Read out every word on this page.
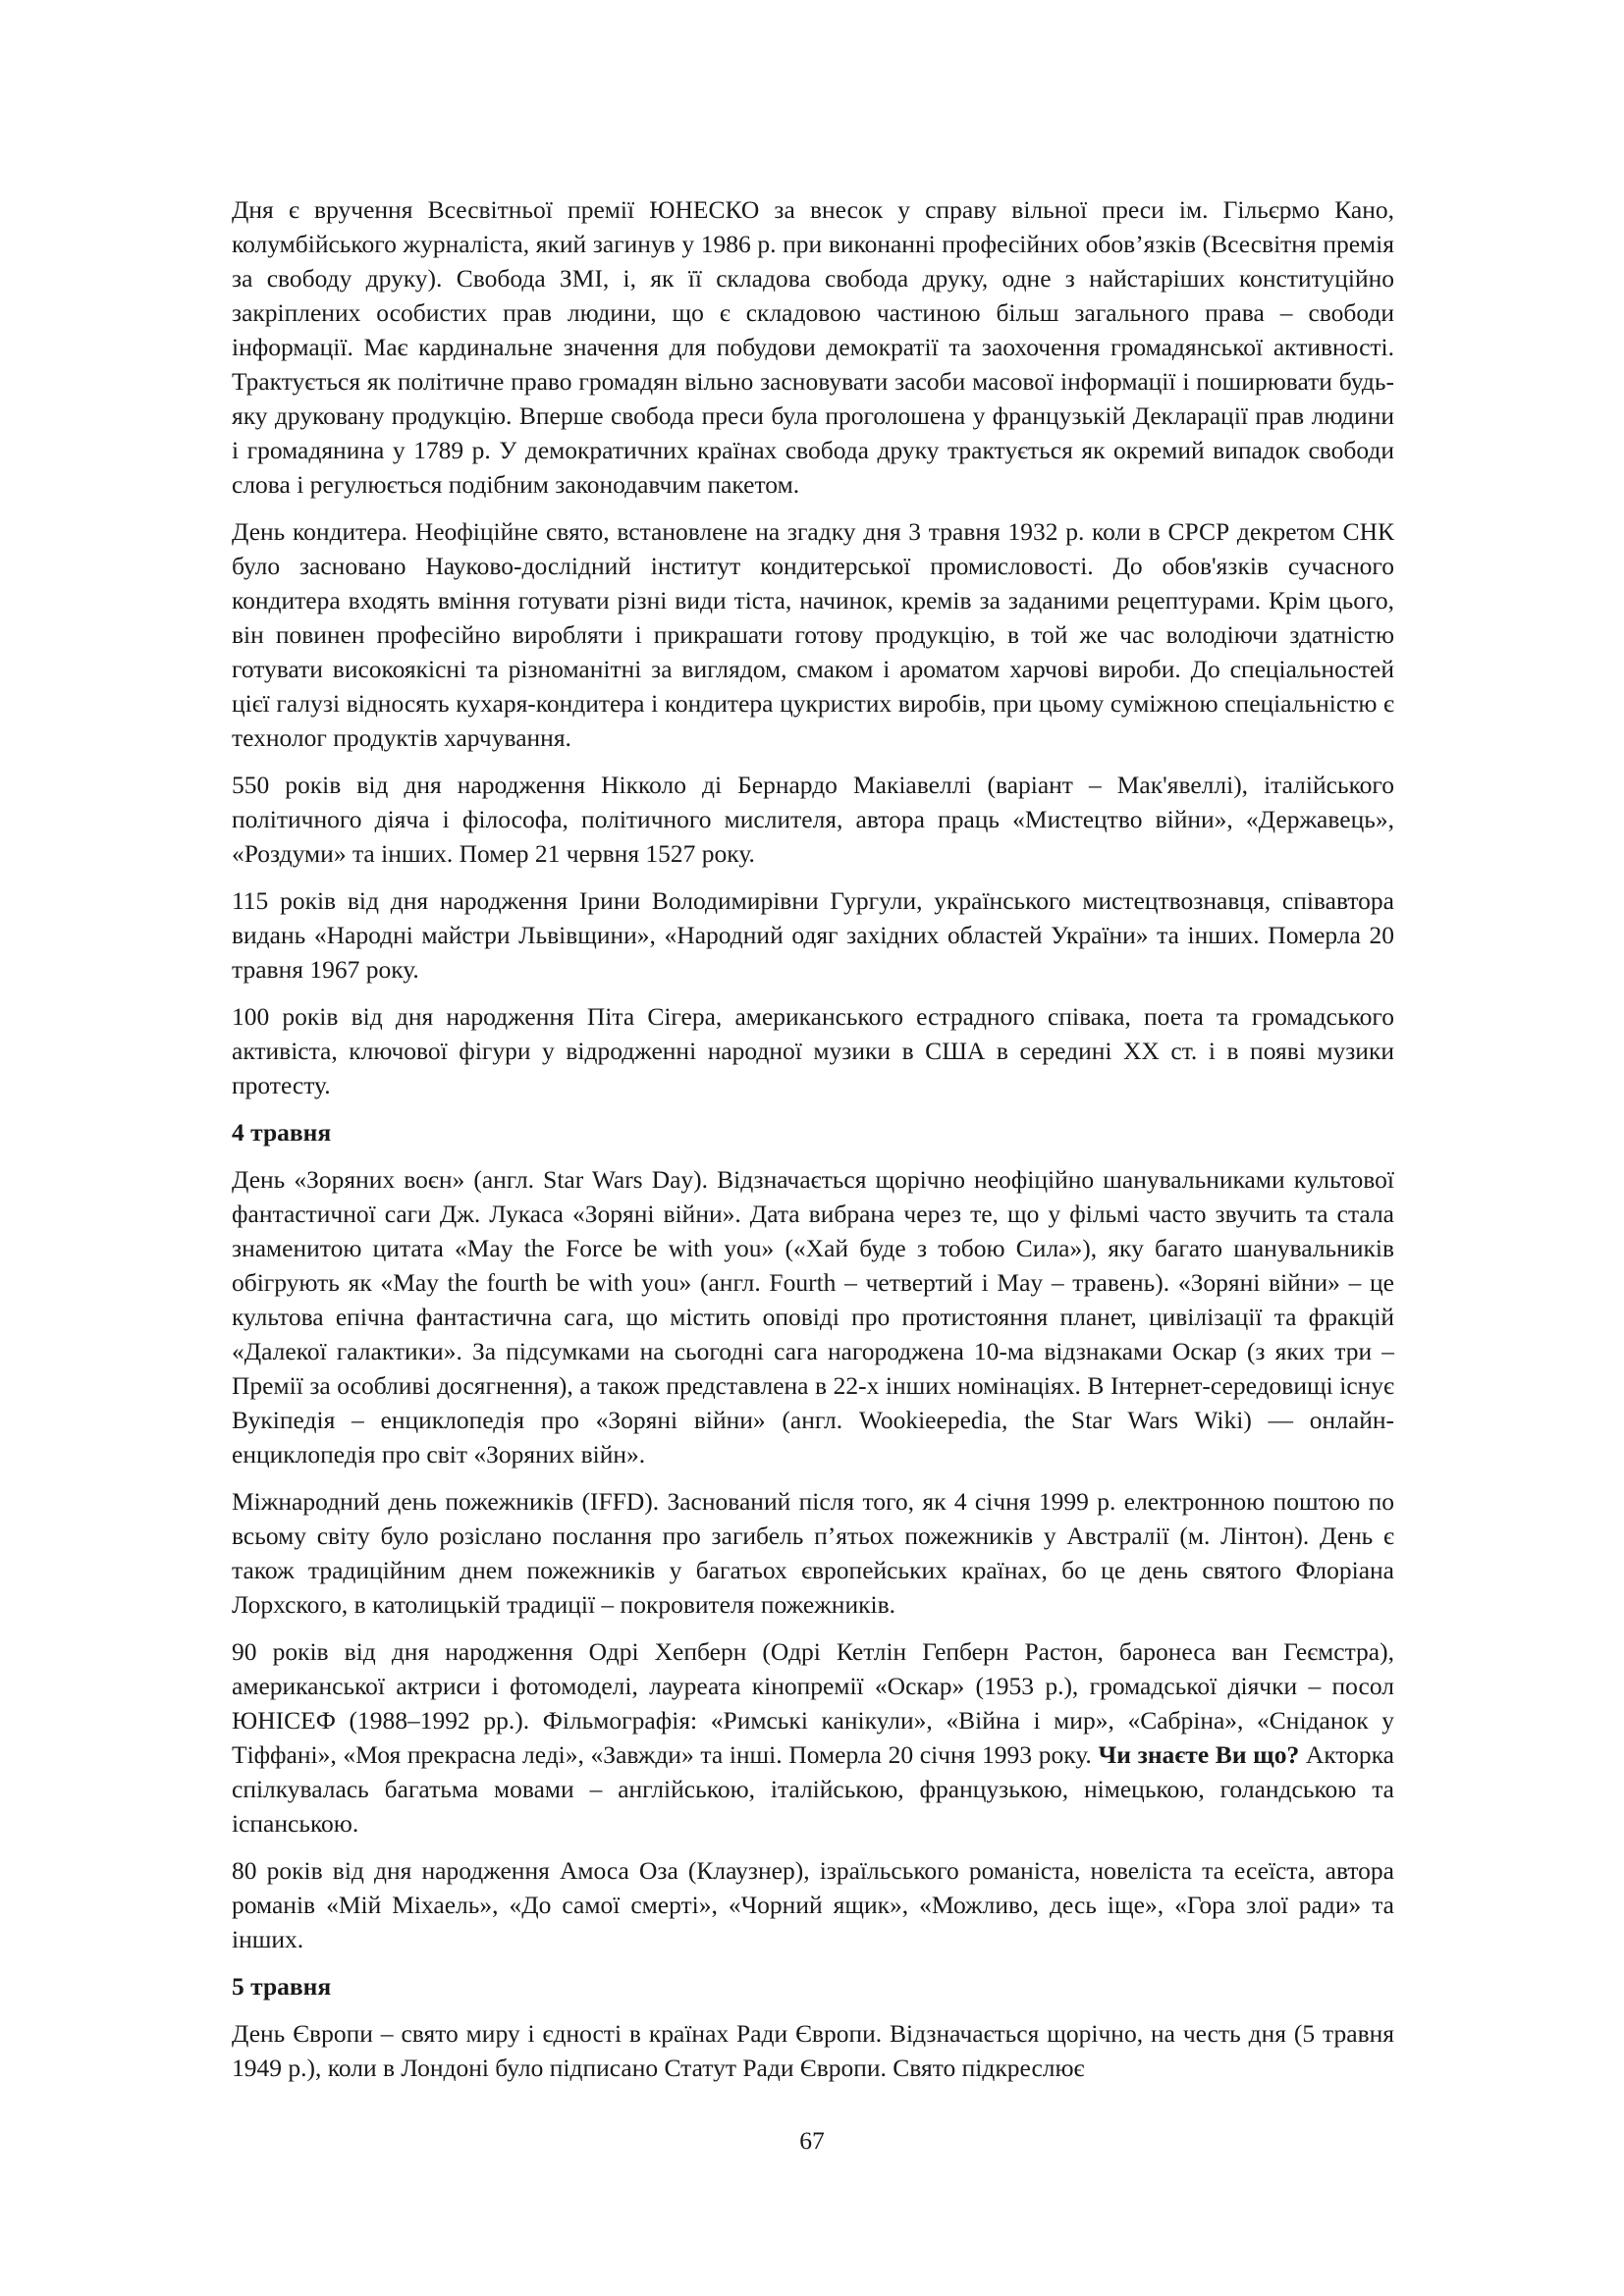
Дня є вручення Всесвітньої премії ЮНЕСКО за внесок у справу вільної преси ім. Гільєрмо Кано, колумбійського журналіста, який загинув у 1986 р. при виконанні професійних обов’язків (Всесвітня премія за свободу друку). Свобода ЗМІ, і, як її складова свобода друку, одне з найстаріших конституційно закріплених особистих прав людини, що є складовою частиною більш загального права – свободи інформації. Має кардинальне значення для побудови демократії та заохочення громадянської активності. Трактується як політичне право громадян вільно засновувати засоби масової інформації і поширювати будь-яку друковану продукцію. Вперше свобода преси була проголошена у французькій Декларації прав людини і громадянина у 1789 р. У демократичних країнах свобода друку трактується як окремий випадок свободи слова і регулюється подібним законодавчим пакетом.

День кондитера. Неофіційне свято, встановлене на згадку дня 3 травня 1932 р. коли в СРСР декретом СНК було засновано Науково-дослідний інститут кондитерської промисловості. До обов'язків сучасного кондитера входять вміння готувати різні види тіста, начинок, кремів за заданими рецептурами. Крім цього, він повинен професійно виробляти і прикрашати готову продукцію, в той же час володіючи здатністю готувати високоякісні та різноманітні за виглядом, смаком і ароматом харчові вироби. До спеціальностей цієї галузі відносять кухаря-кондитера і кондитера цукристих виробів, при цьому суміжною спеціальністю є технолог продуктів харчування.

550 років від дня народження Нікколо ді Бернардо Макіавеллі (варіант – Мак'явеллі), італійського політичного діяча і філософа, політичного мислителя, автора праць «Мистецтво війни», «Державець», «Роздуми» та інших. Помер 21 червня 1527 року.

115 років від дня народження Ірини Володимирівни Гургули, українського мистецтвознавця, співавтора видань «Народні майстри Львівщини», «Народний одяг західних областей України» та інших. Померла 20 травня 1967 року.

100 років від дня народження Піта Сігера, американського естрадного співака, поета та громадського активіста, ключової фігури у відродженні народної музики в США в середині ХХ ст. і в появі музики протесту.

4 травня

День «Зоряних воєн» (англ. Star Wars Day). Відзначається щорічно неофіційно шанувальниками культової фантастичної саги Дж. Лукаса «Зоряні війни». Дата вибрана через те, що у фільмі часто звучить та стала знаменитою цитата «May the Force be with you» («Хай буде з тобою Сила»), яку багато шанувальників обігрують як «May the fourth be with you» (англ. Fourth – четвертий і May – травень). «Зоряні війни» – це культова епічна фантастична сага, що містить оповіді про протистояння планет, цивілізації та фракцій «Далекої галактики». За підсумками на сьогодні сага нагороджена 10-ма відзнаками Оскар (з яких три – Премії за особливі досягнення), а також представлена в 22-х інших номінаціях. В Інтернет-середовищі існує Вукіпедія – енциклопедія про «Зоряні війни» (англ. Wookieepedia, the Star Wars Wiki) — онлайн-енциклопедія про світ «Зоряних війн».

Міжнародний день пожежників (IFFD). Заснований після того, як 4 січня 1999 р. електронною поштою по всьому світу було розіслано послання про загибель п’ятьох пожежників у Австралії (м. Лінтон). День є також традиційним днем пожежників у багатьох європейських країнах, бо це день святого Флоріана Лорхского, в католицькій традиції – покровителя пожежників.

90 років від дня народження Одрі Хепберн (Одрі Кетлін Гепберн Растон, баронеса ван Геємстра), американської актриси і фотомоделі, лауреата кінопремії «Оскар» (1953 р.), громадської діячки – посол ЮНІСЕФ (1988–1992 рр.). Фільмографія: «Римські канікули», «Війна і мир», «Сабріна», «Сніданок у Тіффані», «Моя прекрасна леді», «Завжди» та інші. Померла 20 січня 1993 року. Чи знаєте Ви що? Акторка спілкувалась багатьма мовами – англійською, італійською, французькою, німецькою, голандською та іспанською.

80 років від дня народження Амоса Оза (Клаузнер), ізраїльського романіста, новеліста та есеїста, автора романів «Мій Міхаель», «До самої смерті», «Чорний ящик», «Можливо, десь іще», «Гора злої ради» та інших.

5 травня

День Європи – свято миру і єдності в країнах Ради Європи. Відзначається щорічно, на честь дня (5 травня 1949 р.), коли в Лондоні було підписано Статут Ради Європи. Свято підкреслює

67
